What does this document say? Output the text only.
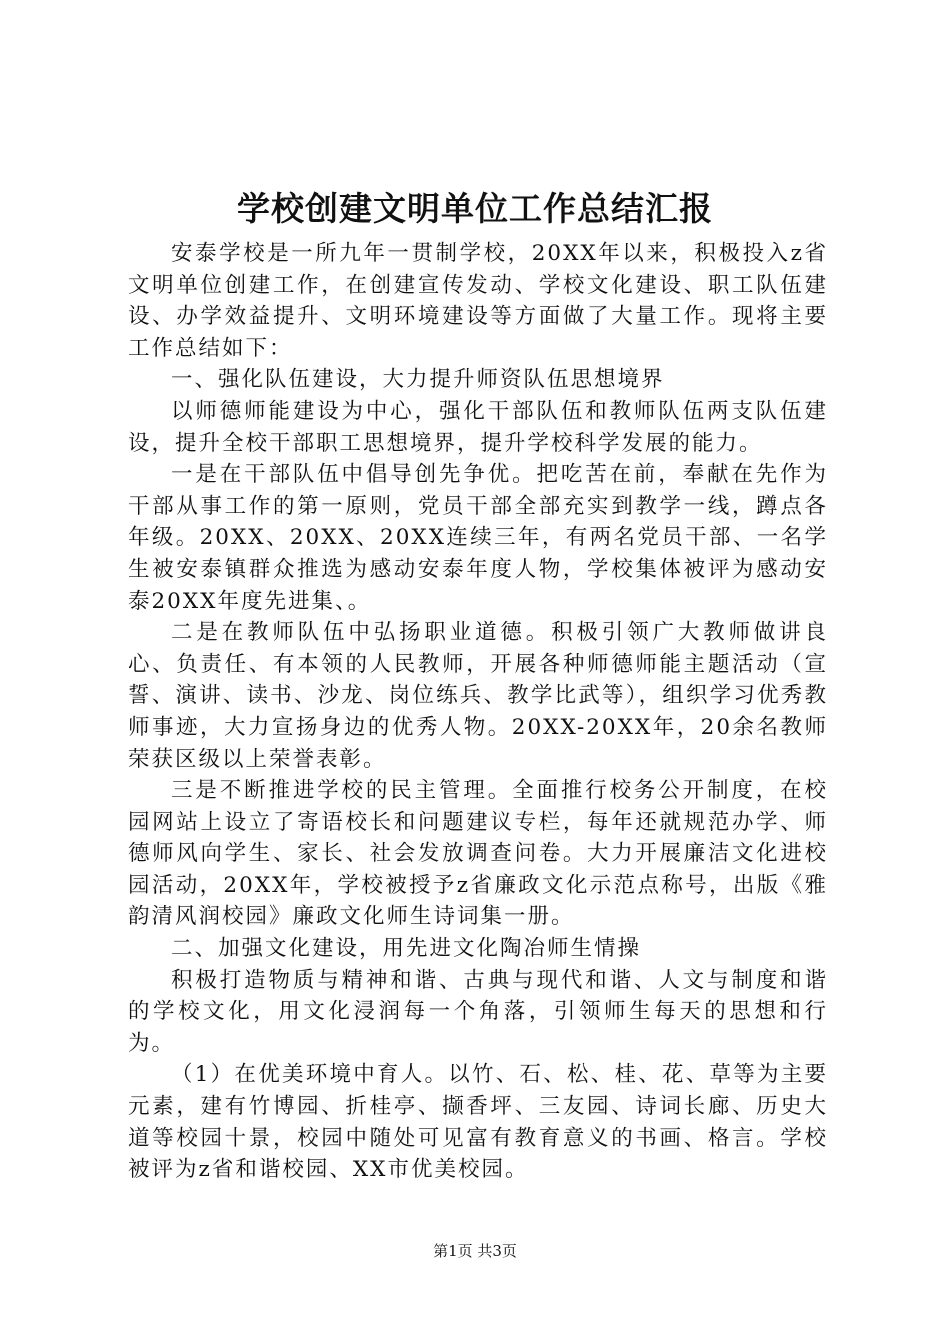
学校创建文明单位工作总结汇报

安泰学校是一所九年一贯制学校，20XX年以来，积极投入z省文明单位创建工作，在创建宣传发动、学校文化建设、职工队伍建设、办学效益提升、文明环境建设等方面做了大量工作。现将主要工作总结如下：

一、强化队伍建设，大力提升师资队伍思想境界

以师德师能建设为中心，强化干部队伍和教师队伍两支队伍建设，提升全校干部职工思想境界，提升学校科学发展的能力。

一是在干部队伍中倡导创先争优。把吃苦在前，奉献在先作为干部从事工作的第一原则，党员干部全部充实到教学一线，蹲点各年级。20XX、20XX、20XX连续三年，有两名党员干部、一名学生被安泰镇群众推选为感动安泰年度人物，学校集体被评为感动安泰20XX年度先进集、。

二是在教师队伍中弘扬职业道德。积极引领广大教师做讲良心、负责任、有本领的人民教师，开展各种师德师能主题活动（宣誓、演讲、读书、沙龙、岗位练兵、教学比武等），组织学习优秀教师事迹，大力宣扬身边的优秀人物。20XX-20XX年，20余名教师荣获区级以上荣誉表彰。

三是不断推进学校的民主管理。全面推行校务公开制度，在校园网站上设立了寄语校长和问题建议专栏，每年还就规范办学、师德师风向学生、家长、社会发放调查问卷。大力开展廉洁文化进校园活动，20XX年，学校被授予z省廉政文化示范点称号，出版《雅韵清风润校园》廉政文化师生诗词集一册。

二、加强文化建设，用先进文化陶冶师生情操

积极打造物质与精神和谐、古典与现代和谐、人文与制度和谐的学校文化，用文化浸润每一个角落，引领师生每天的思想和行为。

（1）在优美环境中育人。以竹、石、松、桂、花、草等为主要元素，建有竹博园、折桂亭、撷香坪、三友园、诗词长廊、历史大道等校园十景，校园中随处可见富有教育意义的书画、格言。学校被评为z省和谐校园、XX市优美校园。

第1页 共3页
